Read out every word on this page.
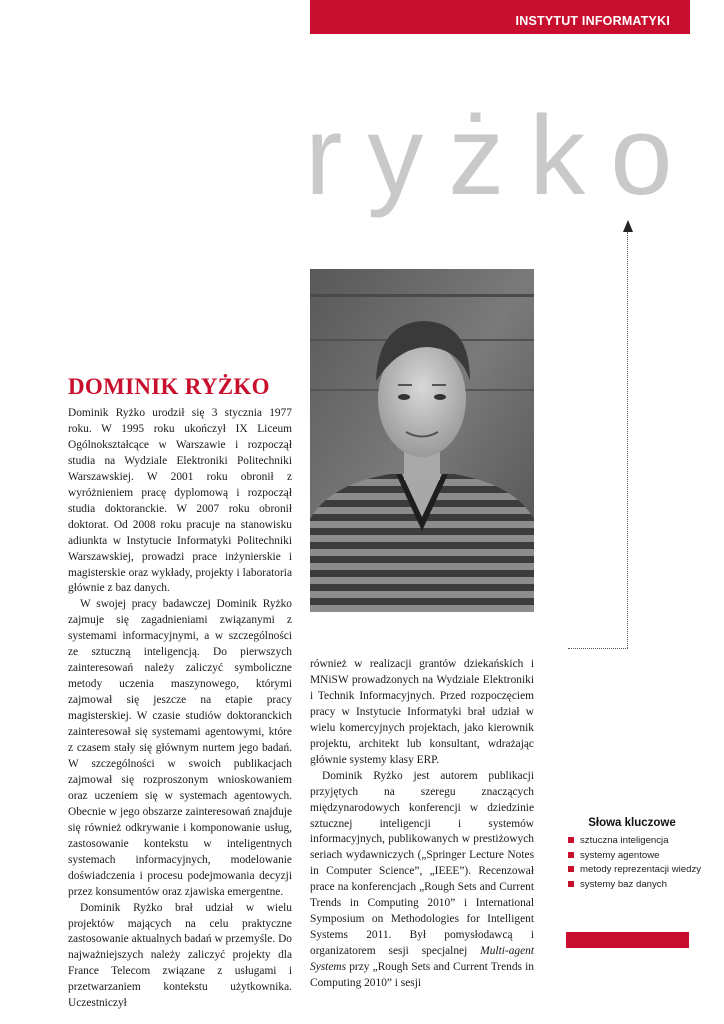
INSTYTUT INFORMATYKI
ryżko
DOMINIK RYŻKO

Dominik Ryżko urodził się 3 stycznia 1977 roku. W 1995 roku ukończył IX Liceum Ogólnokształcące w Warszawie i rozpoczął studia na Wydziale Elektroniki Politechniki Warszawskiej. W 2001 roku obronił z wyróżnieniem pracę dyplomową i rozpoczął studia doktoranckie. W 2007 roku obronił doktorat. Od 2008 roku pracuje na stanowisku adiunkta w Instytucie Informatyki Politechniki Warszawskiej, prowadzi prace inżynierskie i magisterskie oraz wykłady, projekty i laboratoria głównie z baz danych.

W swojej pracy badawczej Dominik Ryżko zajmuje się zagadnieniami związanymi z systemami informacyjnymi, a w szczególności ze sztuczną inteligencją. Do pierwszych zainteresowań należy zaliczyć symboliczne metody uczenia maszynowego, którymi zajmował się jeszcze na etapie pracy magisterskiej. W czasie studiów doktoranckich zainteresował się systemami agentowymi, które z czasem stały się głównym nurtem jego badań. W szczególności w swoich publikacjach zajmował się rozproszonym wnioskowaniem oraz uczeniem się w systemach agentowych. Obecnie w jego obszarze zainteresowań znajduje się również odkrywanie i komponowanie usług, zastosowanie kontekstu w inteligentnych systemach informacyjnych, modelowanie doświadczenia i procesu podejmowania decyzji przez konsumentów oraz zjawiska emergentne.

Dominik Ryżko brał udział w wielu projektów mających na celu praktyczne zastosowanie aktualnych badań w przemyśle. Do najważniejszych należy zaliczyć projekty dla France Telecom związane z usługami i przetwarzaniem kontekstu użytkownika. Uczestniczył

również w realizacji grantów dziekańskich i MNiSW prowadzonych na Wydziale Elektroniki i Technik Informacyjnych. Przed rozpoczęciem pracy w Instytucie Informatyki brał udział w wielu komercyjnych projektach, jako kierownik projektu, architekt lub konsultant, wdrażając głównie systemy klasy ERP.

Dominik Ryżko jest autorem publikacji przyjętych na szeregu znaczących międzynarodowych konferencji w dziedzinie sztucznej inteligencji i systemów informacyjnych, publikowanych w prestiżowych seriach wydawniczych („Springer Lecture Notes in Computer Science”, „IEEE”). Recenzował prace na konferencjach „Rough Sets and Current Trends in Computing 2010” i International Symposium on Methodologies for Intelligent Systems 2011. Był pomysłodawcą i organizatorem sesji specjalnej Multi-agent Systems przy „Rough Sets and Current Trends in Computing 2010” i sesji

Słowa kluczowe
sztuczna inteligencja
systemy agentowe
metody reprezentacji wiedzy
systemy baz danych
